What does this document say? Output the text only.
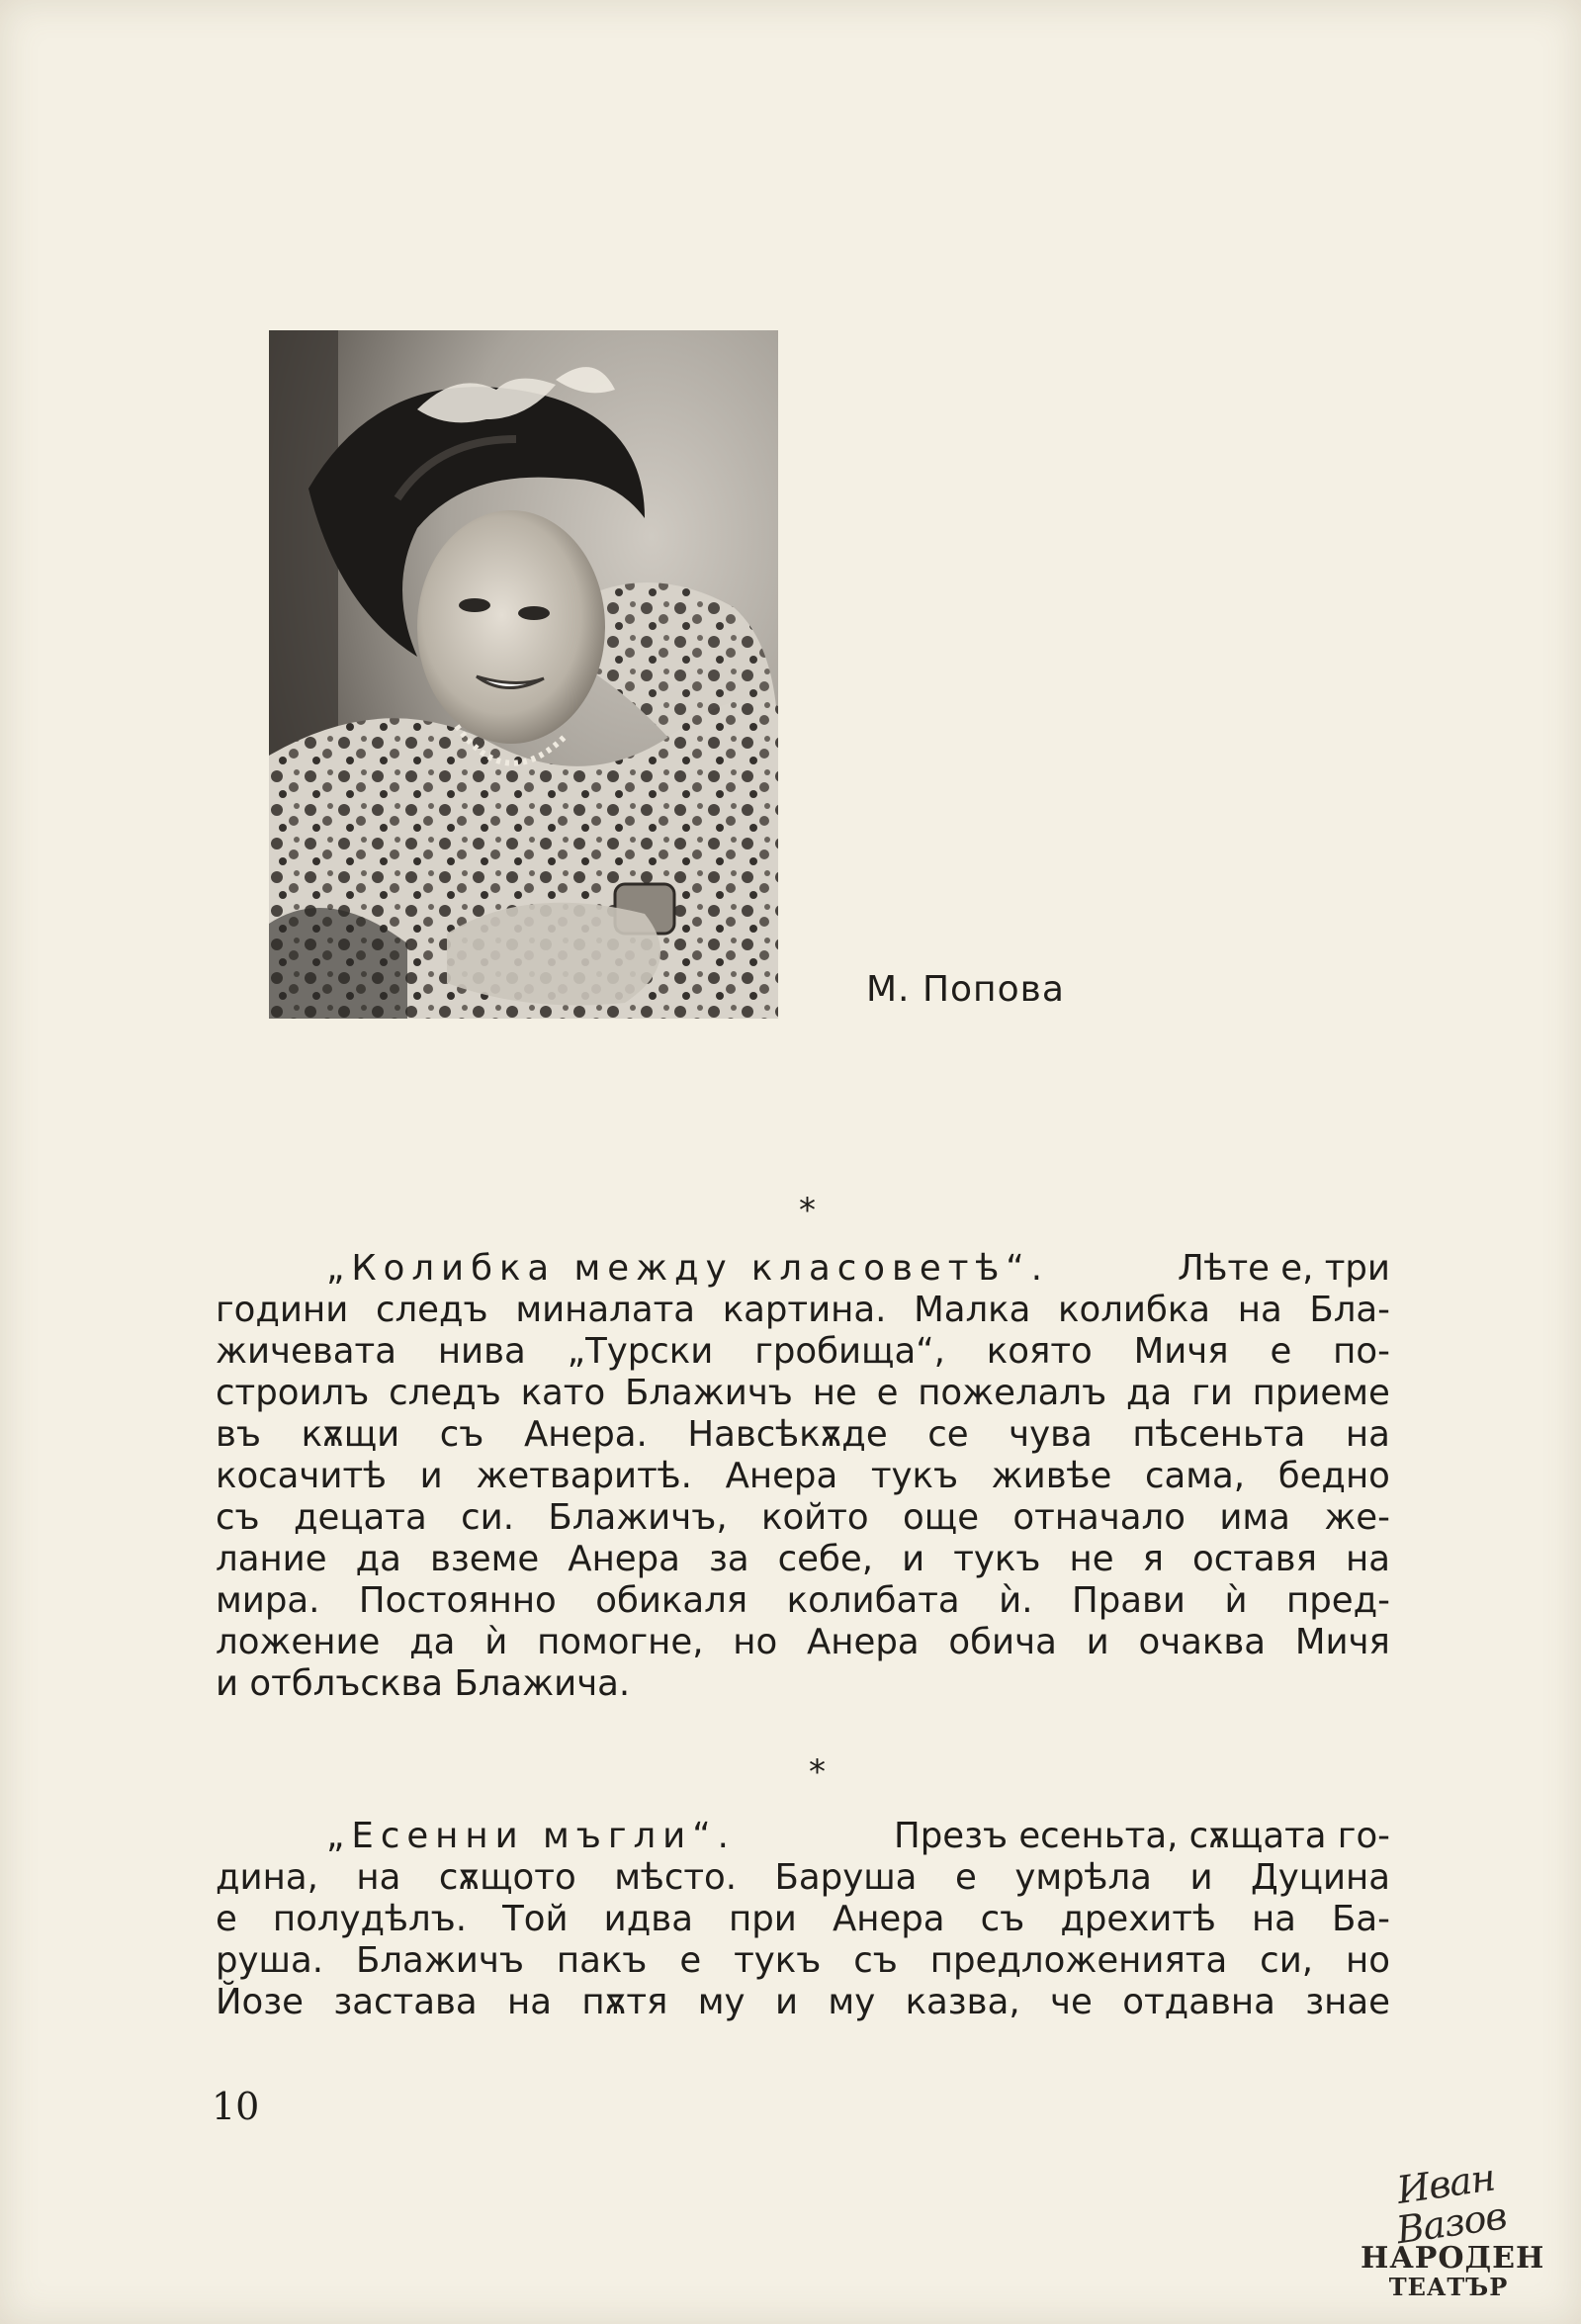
М. Попова
*
„Колибка между класоветѣ“.	Лѣте е, три
години следъ миналата картина. Малка колибка на Бла-
жичевата нива „Турски гробища“, която Мичя е по-
строилъ следъ като Блажичъ не е пожелалъ да ги приеме
въ кѫщи съ Анера. Навсѣкѫде се чува пѣсеньта на
косачитѣ и жетваритѣ. Анера тукъ живѣе сама, бедно
съ децата си. Блажичъ, който още отначало има же-
лание да вземе Анера за себе, и тукъ не я оставя на
мира. Постоянно обикаля колибата ѝ. Прави ѝ пред-
ложение да ѝ помогне, но Анера обича и очаква Мичя
и отблъсква Блажича.
*
„Есенни мъгли“.	Презъ есеньта, сѫщата го-
дина, на сѫщото мѣсто. Баруша е умрѣла и Дуцина
е полудѣлъ. Той идва при Анера съ дрехитѣ на Ба-
руша. Блажичъ пакъ е тукъ съ предложенията си, но
Йозе застава на пѫтя му и му казва, че отдавна знае
10
Иван Вазов
НАРОДЕН
ТЕАТЪР
